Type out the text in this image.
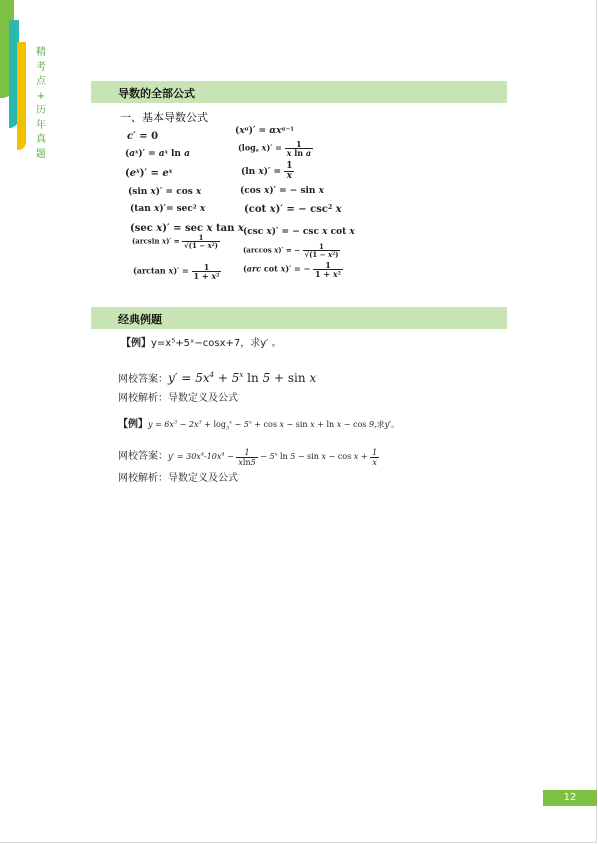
精
考
点
+
历
年
真
题
导数的全部公式
一、基本导数公式
c′ = 0
$(a^x)' = a^x$ ln a
$(e^x)' = e^x$
(sin x)′ = cos x
(tan $x)'= \sec^2 x$
(sec x)′ = sec x tan x
(arcsin $x)' = \frac{1}{√(1 - x^2)}$
(arctan $x)' = \frac{1}{1 + x^2}$
$(x^\alpha)' = \alpha x^{\alpha-1}$
($\log_a$ $x)' = \frac{1}{\text{x ln a}}$
(ln $x)' = \frac{1}{x}$
(cos x)′ = − sin x
(cot x)′ = − $\csc^2 x$
(csc x)′ = − csc x cot x
(arccos x)′ = − $\frac{1}{√(1 - x^2)}$
(arc cot x)′ = − $\frac{1}{1 + x^2}$
经典例题
【例】y=x⁵+5ˣ−cosx+7，求y′ 。
网校答案：$y' = 5x^4 + 5^x$ ln 5 + sin x
网校解析：导数定义及公式
【例】$y = 6x^3 - 2x^3 + \log_3^x - 5^x + \cos x - \sin x + \ln x - \cos 9$,求y′。
网校答案：$y' = 30x^4-10x^4 - \frac{1}{xln5} - 5^x$ $\ln 5 - \sin x - \cos x + \frac{1}{x}$
网校解析：导数定义及公式
12
